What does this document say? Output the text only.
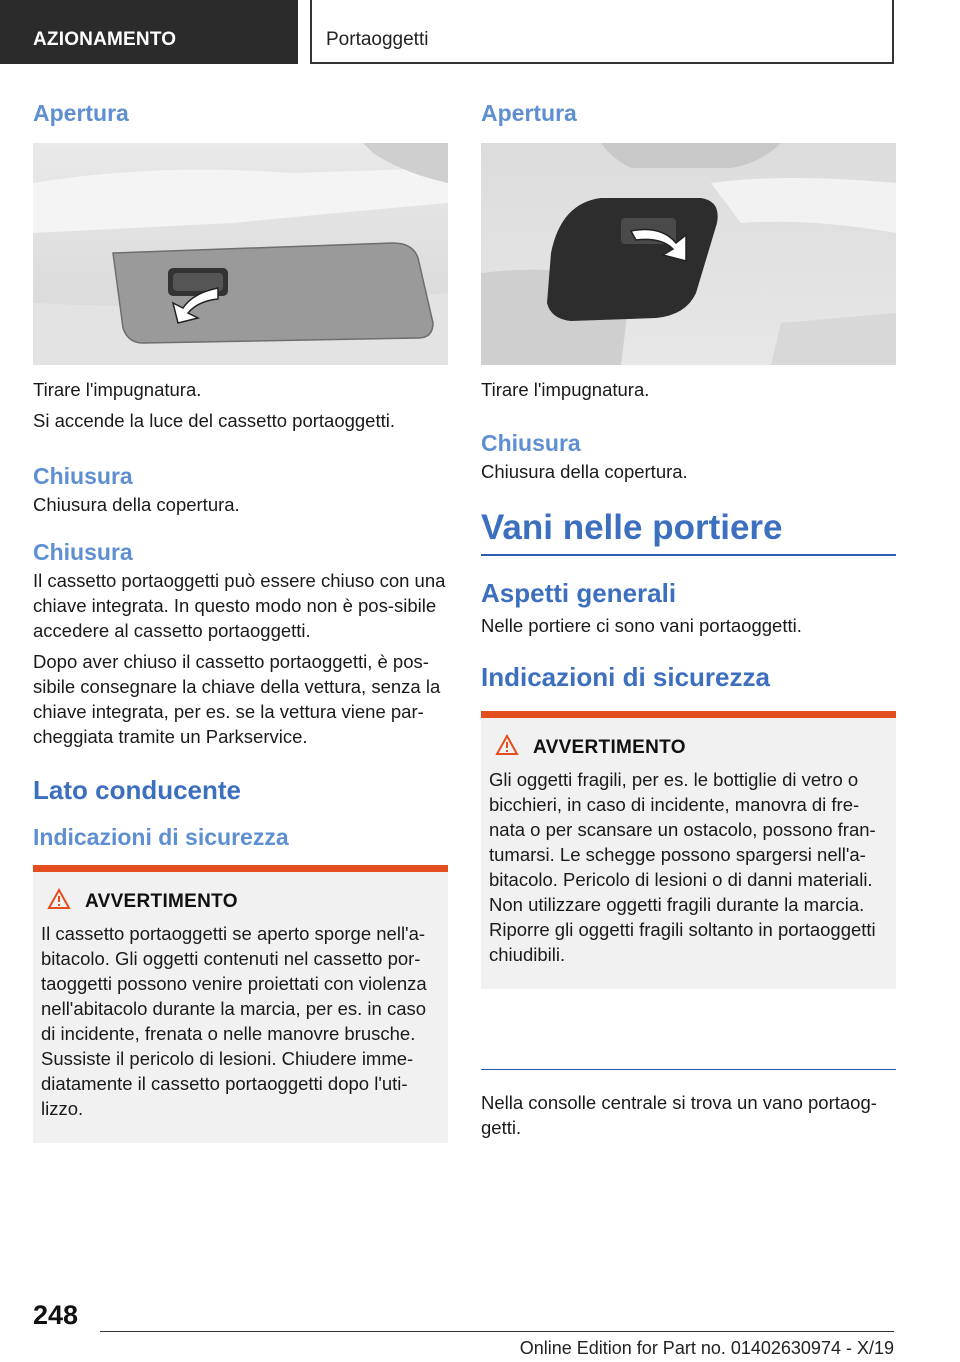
AZIONAMENTO	Portaoggetti
Apertura

Tirare l'impugnatura.

Si accende la luce del cassetto portaoggetti.

Chiusura

Chiusura della copertura.

Chiusura

Il cassetto portaoggetti può essere chiuso con una chiave integrata. In questo modo non è pos-sibile accedere al cassetto portaoggetti.

Dopo aver chiuso il cassetto portaoggetti, è pos-sibile consegnare la chiave della vettura, senza la chiave integrata, per es. se la vettura viene par-cheggiata tramite un Parkservice.

Lato conducente
Indicazioni di sicurezza
AVVERTIMENTO
Il cassetto portaoggetti se aperto sporge nell'a-bitacolo. Gli oggetti contenuti nel cassetto por-taoggetti possono venire proiettati con violenza nell'abitacolo durante la marcia, per es. in caso di incidente, frenata o nelle manovre brusche. Sussiste il pericolo di lesioni. Chiudere imme-diatamente il cassetto portaoggetti dopo l'uti-lizzo.
Apertura

Tirare l'impugnatura.

Chiusura

Chiusura della copertura.

Vani nelle portiere
Aspetti generali

Nelle portiere ci sono vani portaoggetti.

Indicazioni di sicurezza
AVVERTIMENTO
Gli oggetti fragili, per es. le bottiglie di vetro o bicchieri, in caso di incidente, manovra di fre-nata o per scansare un ostacolo, possono fran-tumarsi. Le schegge possono spargersi nell'a-bitacolo. Pericolo di lesioni o di danni materiali. Non utilizzare oggetti fragili durante la marcia. Riporre gli oggetti fragili soltanto in portaoggetti chiudibili.

Nella consolle centrale si trova un vano portaog-getti.

248
Online Edition for Part no. 01402630974 - X/19
